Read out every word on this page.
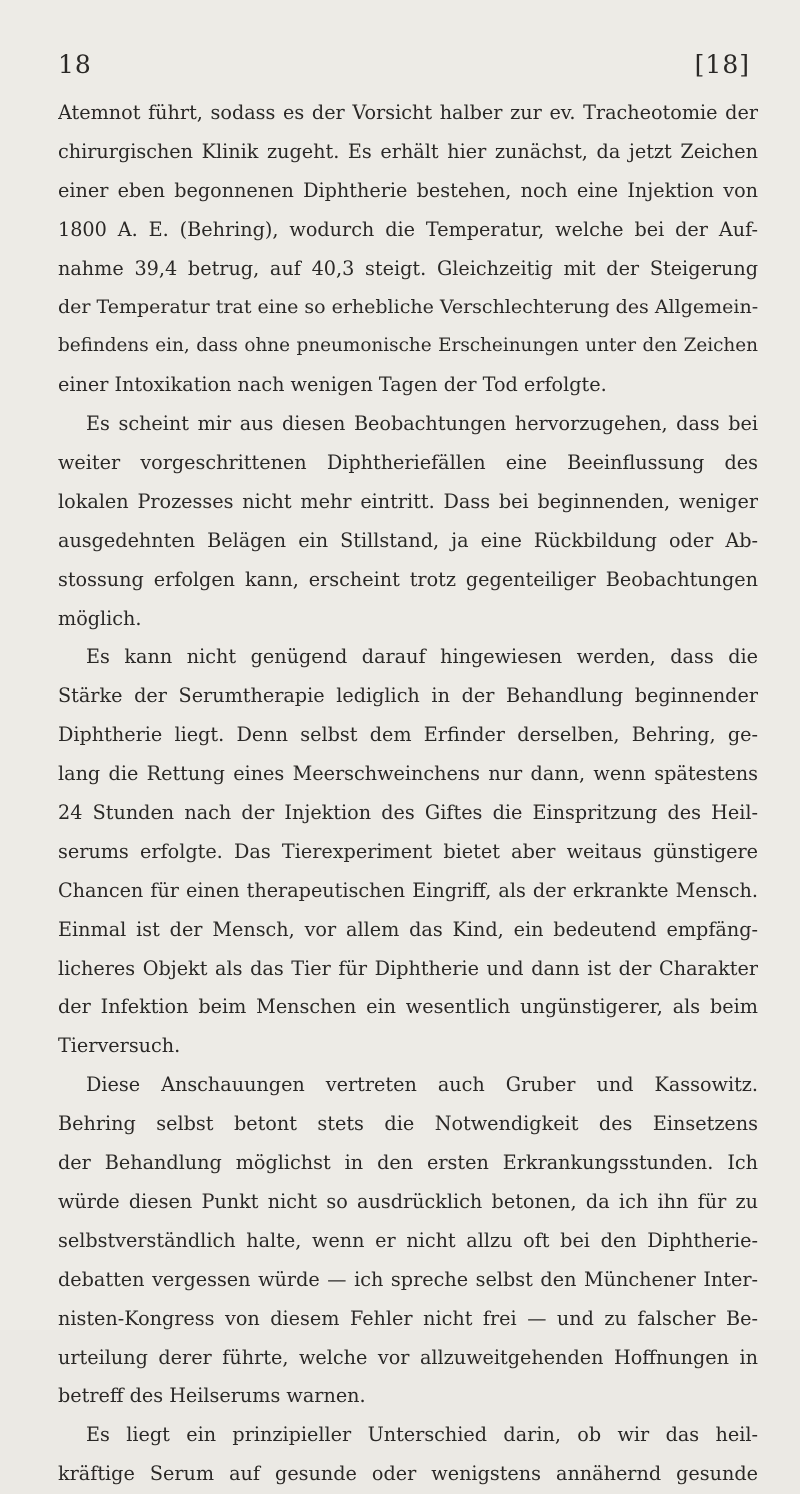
18	[18]
Atemnot führt, sodass es der Vorsicht halber zur ev. Tracheotomie der
chirurgischen Klinik zugeht. Es erhält hier zunächst, da jetzt Zeichen
einer eben begonnenen Diphtherie bestehen, noch eine Injektion von
1800 A. E. (Behring), wodurch die Temperatur, welche bei der Auf-
nahme 39,4 betrug, auf 40,3 steigt. Gleichzeitig mit der Steigerung
der Temperatur trat eine so erhebliche Verschlechterung des Allgemein-
befindens ein, dass ohne pneumonische Erscheinungen unter den Zeichen
einer Intoxikation nach wenigen Tagen der Tod erfolgte.
Es scheint mir aus diesen Beobachtungen hervorzugehen, dass bei
weiter vorgeschrittenen Diphtheriefällen eine Beeinflussung des
lokalen Prozesses nicht mehr eintritt. Dass bei beginnenden, weniger
ausgedehnten Belägen ein Stillstand, ja eine Rückbildung oder Ab-
stossung erfolgen kann, erscheint trotz gegenteiliger Beobachtungen
möglich.
Es kann nicht genügend darauf hingewiesen werden, dass die
Stärke der Serumtherapie lediglich in der Behandlung beginnender
Diphtherie liegt. Denn selbst dem Erfinder derselben, Behring, ge-
lang die Rettung eines Meerschweinchens nur dann, wenn spätestens
24 Stunden nach der Injektion des Giftes die Einspritzung des Heil-
serums erfolgte. Das Tierexperiment bietet aber weitaus günstigere
Chancen für einen therapeutischen Eingriff, als der erkrankte Mensch.
Einmal ist der Mensch, vor allem das Kind, ein bedeutend empfäng-
licheres Objekt als das Tier für Diphtherie und dann ist der Charakter
der Infektion beim Menschen ein wesentlich ungünstigerer, als beim
Tierversuch.
Diese Anschauungen vertreten auch Gruber und Kassowitz.
Behring selbst betont stets die Notwendigkeit des Einsetzens
der Behandlung möglichst in den ersten Erkrankungsstunden. Ich
würde diesen Punkt nicht so ausdrücklich betonen, da ich ihn für zu
selbstverständlich halte, wenn er nicht allzu oft bei den Diphtherie-
debatten vergessen würde — ich spreche selbst den Münchener Inter-
nisten-Kongress von diesem Fehler nicht frei — und zu falscher Be-
urteilung derer führte, welche vor allzuweitgehenden Hoffnungen in
betreff des Heilserums warnen.
Es liegt ein prinzipieller Unterschied darin, ob wir das heil-
kräftige Serum auf gesunde oder wenigstens annähernd gesunde
